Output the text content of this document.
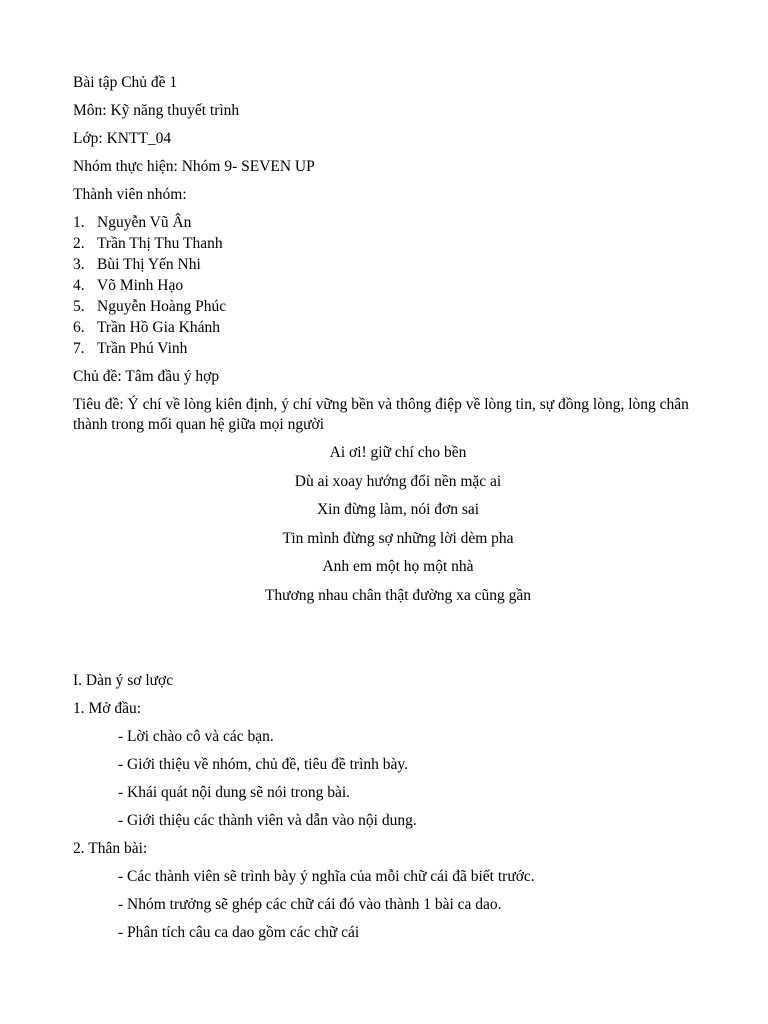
Bài tập Chủ đề 1

Môn: Kỹ năng thuyết trình

Lớp: KNTT_04

Nhóm thực hiện: Nhóm 9- SEVEN UP

Thành viên nhóm:

1. Nguyễn Vũ Ân
2. Trần Thị Thu Thanh
3. Bùi Thị Yến Nhi
4. Võ Minh Hạo
5. Nguyễn Hoàng Phúc
6. Trần Hồ Gia Khánh
7. Trần Phú Vinh

Chủ đề: Tâm đầu ý hợp

Tiêu đề: Ý chí về lòng kiên định, ý chí vững bền và thông điệp về lòng tin, sự đồng lòng, lòng chân thành trong mối quan hệ giữa mọi người

Ai ơi! giữ chí cho bền
Dù ai xoay hướng đổi nền mặc ai
Xin đừng làm, nói đơn sai
Tin mình đừng sợ những lời dèm pha
Anh em một họ một nhà
Thương nhau chân thật đường xa cũng gần

I. Dàn ý sơ lược

1. Mở đầu:

- Lời chào cô và các bạn.

- Giới thiệu về nhóm, chủ đề, tiêu đề trình bày.

- Khái quát nội dung sẽ nói trong bài.

- Giới thiệu các thành viên và dẫn vào nội dung.

2. Thân bài:

- Các thành viên sẽ trình bày ý nghĩa của mỗi chữ cái đã biết trước.

- Nhóm trưởng sẽ ghép các chữ cái đó vào thành 1 bài ca dao.

- Phân tích câu ca dao gồm các chữ cái
